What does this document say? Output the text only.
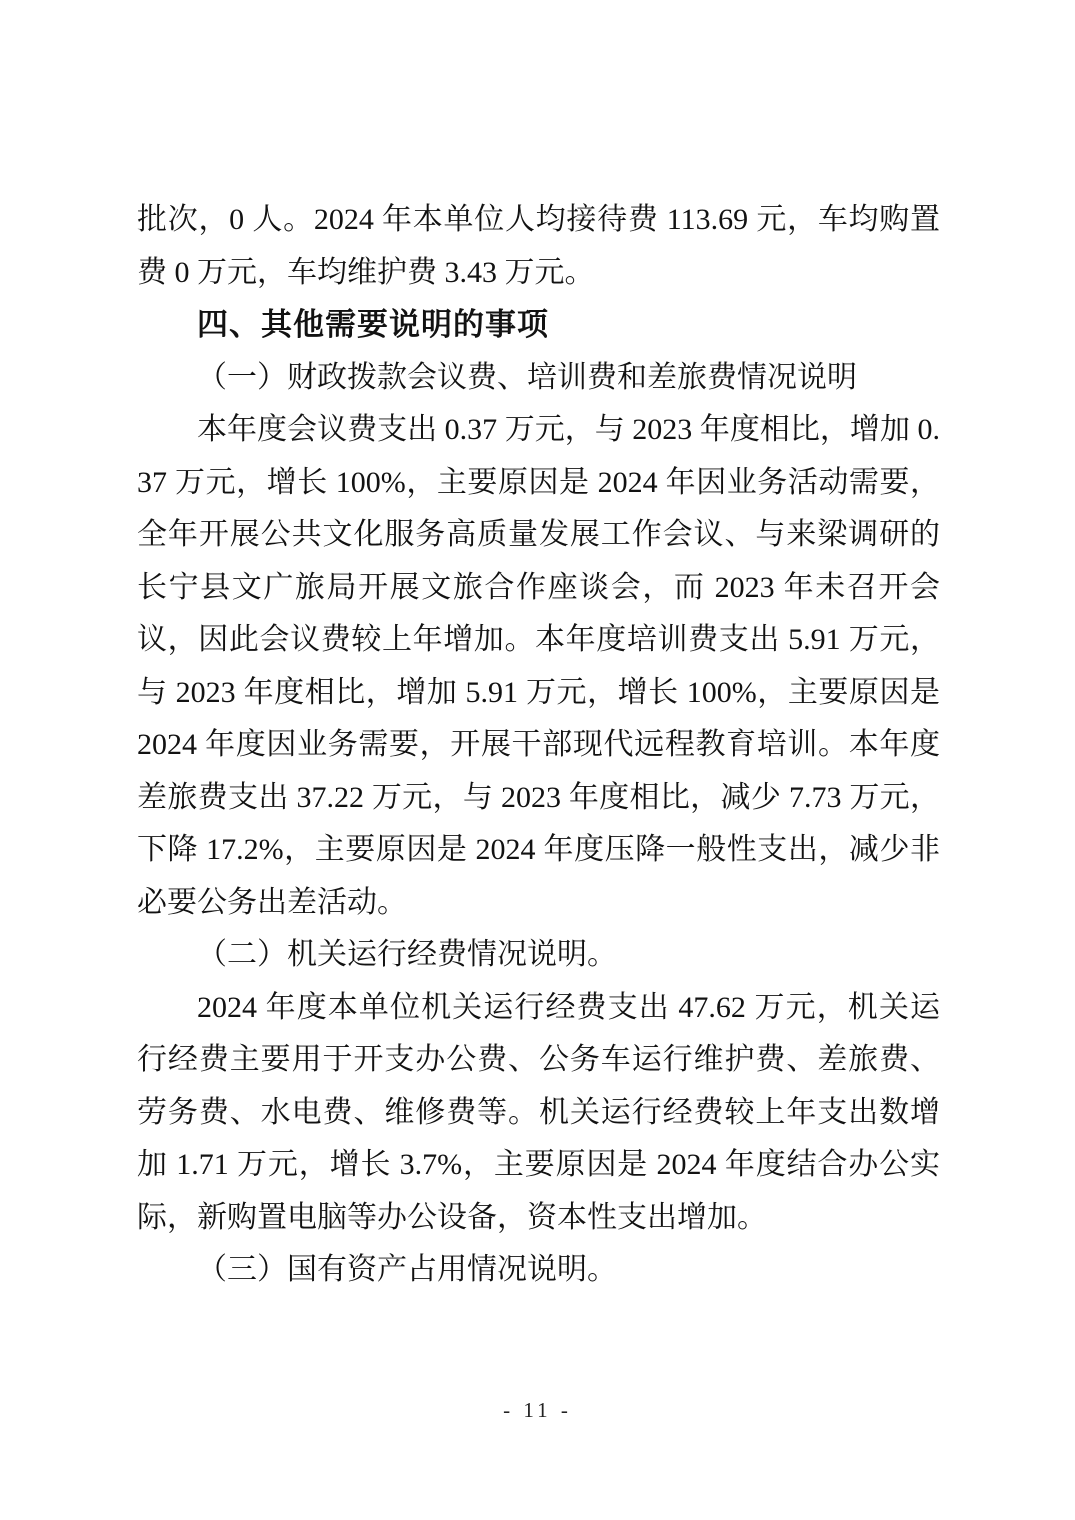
批次，0 人。2024 年本单位人均接待费 113.69 元，车均购置费 0 万元，车均维护费 3.43 万元。

四、其他需要说明的事项

（一）财政拨款会议费、培训费和差旅费情况说明

本年度会议费支出 0.37 万元，与 2023 年度相比，增加 0.37 万元，增长 100%，主要原因是 2024 年因业务活动需要，全年开展公共文化服务高质量发展工作会议、与来梁调研的长宁县文广旅局开展文旅合作座谈会，而 2023 年未召开会议，因此会议费较上年增加。本年度培训费支出 5.91 万元，与 2023 年度相比，增加 5.91 万元，增长 100%，主要原因是 2024 年度因业务需要，开展干部现代远程教育培训。本年度差旅费支出 37.22 万元，与 2023 年度相比，减少 7.73 万元，下降 17.2%，主要原因是 2024 年度压降一般性支出，减少非必要公务出差活动。

（二）机关运行经费情况说明。

2024 年度本单位机关运行经费支出 47.62 万元，机关运行经费主要用于开支办公费、公务车运行维护费、差旅费、劳务费、水电费、维修费等。机关运行经费较上年支出数增加 1.71 万元，增长 3.7%，主要原因是 2024 年度结合办公实际，新购置电脑等办公设备，资本性支出增加。

（三）国有资产占用情况说明。

- 11 -
